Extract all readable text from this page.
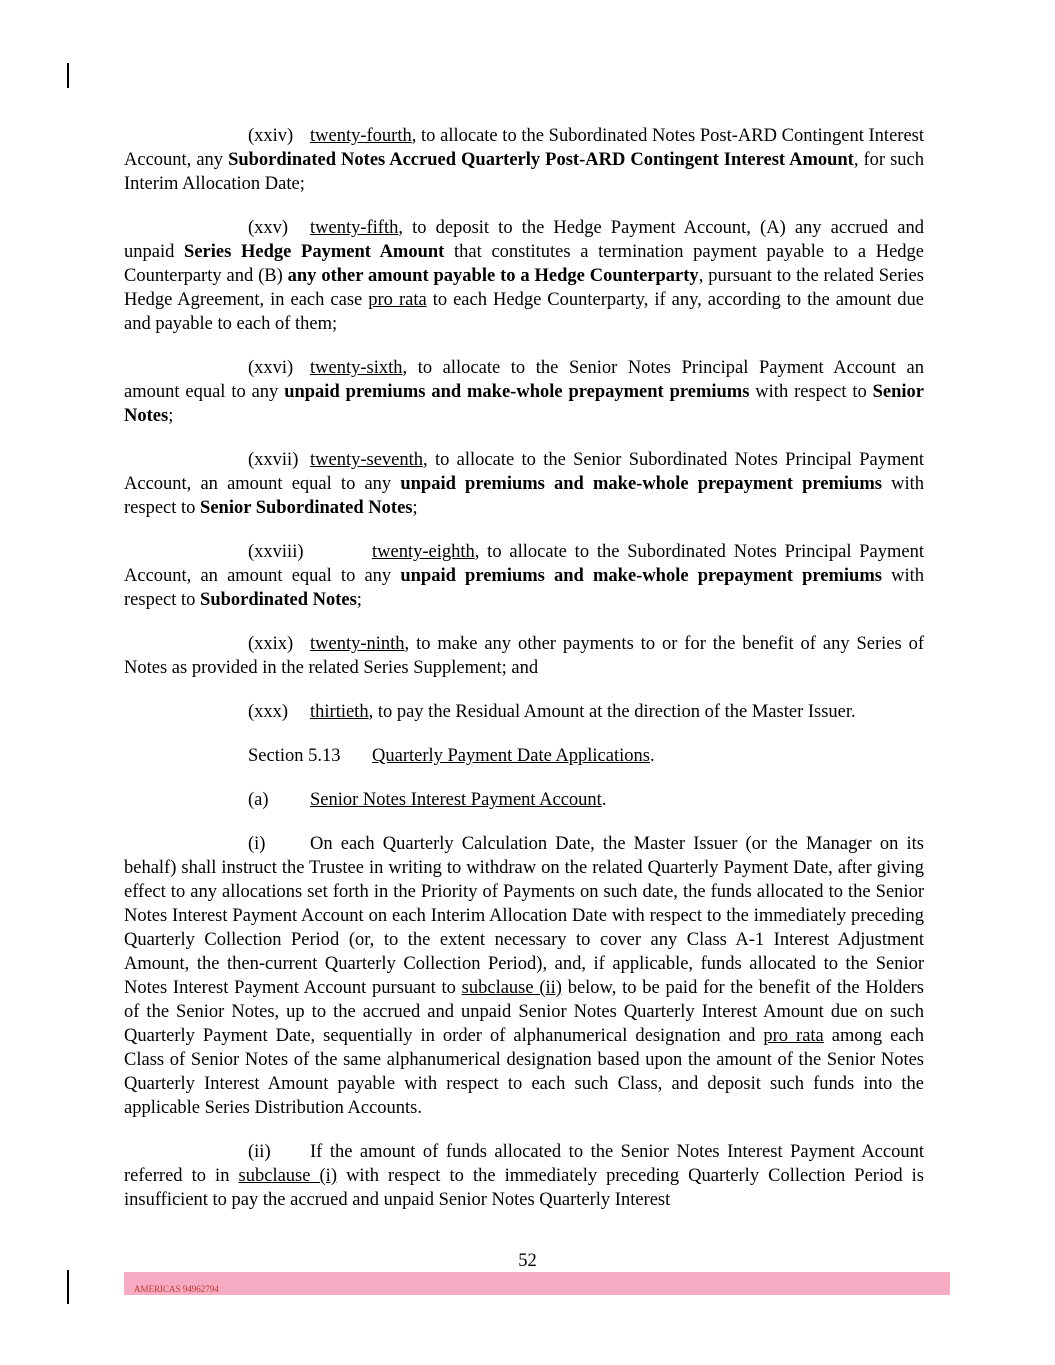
(xxiv) twenty-fourth, to allocate to the Subordinated Notes Post-ARD Contingent Interest Account, any Subordinated Notes Accrued Quarterly Post-ARD Contingent Interest Amount, for such Interim Allocation Date;

(xxv) twenty-fifth, to deposit to the Hedge Payment Account, (A) any accrued and unpaid Series Hedge Payment Amount that constitutes a termination payment payable to a Hedge Counterparty and (B) any other amount payable to a Hedge Counterparty, pursuant to the related Series Hedge Agreement, in each case pro rata to each Hedge Counterparty, if any, according to the amount due and payable to each of them;

(xxvi) twenty-sixth, to allocate to the Senior Notes Principal Payment Account an amount equal to any unpaid premiums and make-whole prepayment premiums with respect to Senior Notes;

(xxvii) twenty-seventh, to allocate to the Senior Subordinated Notes Principal Payment Account, an amount equal to any unpaid premiums and make-whole prepayment premiums with respect to Senior Subordinated Notes;

(xxviii)	twenty-eighth, to allocate to the Subordinated Notes Principal Payment Account, an amount equal to any unpaid premiums and make-whole prepayment premiums with respect to Subordinated Notes;

(xxix) twenty-ninth, to make any other payments to or for the benefit of any Series of Notes as provided in the related Series Supplement; and

(xxx) thirtieth, to pay the Residual Amount at the direction of the Master Issuer.

Section 5.13 Quarterly Payment Date Applications.

(a) Senior Notes Interest Payment Account.

(i) On each Quarterly Calculation Date, the Master Issuer (or the Manager on its behalf) shall instruct the Trustee in writing to withdraw on the related Quarterly Payment Date, after giving effect to any allocations set forth in the Priority of Payments on such date, the funds allocated to the Senior Notes Interest Payment Account on each Interim Allocation Date with respect to the immediately preceding Quarterly Collection Period (or, to the extent necessary to cover any Class A-1 Interest Adjustment Amount, the then-current Quarterly Collection Period), and, if applicable, funds allocated to the Senior Notes Interest Payment Account pursuant to subclause (ii) below, to be paid for the benefit of the Holders of the Senior Notes, up to the accrued and unpaid Senior Notes Quarterly Interest Amount due on such Quarterly Payment Date, sequentially in order of alphanumerical designation and pro rata among each Class of Senior Notes of the same alphanumerical designation based upon the amount of the Senior Notes Quarterly Interest Amount payable with respect to each such Class, and deposit such funds into the applicable Series Distribution Accounts.

(ii) If the amount of funds allocated to the Senior Notes Interest Payment Account referred to in subclause (i) with respect to the immediately preceding Quarterly Collection Period is insufficient to pay the accrued and unpaid Senior Notes Quarterly Interest

52
AMERICAS 94962794
